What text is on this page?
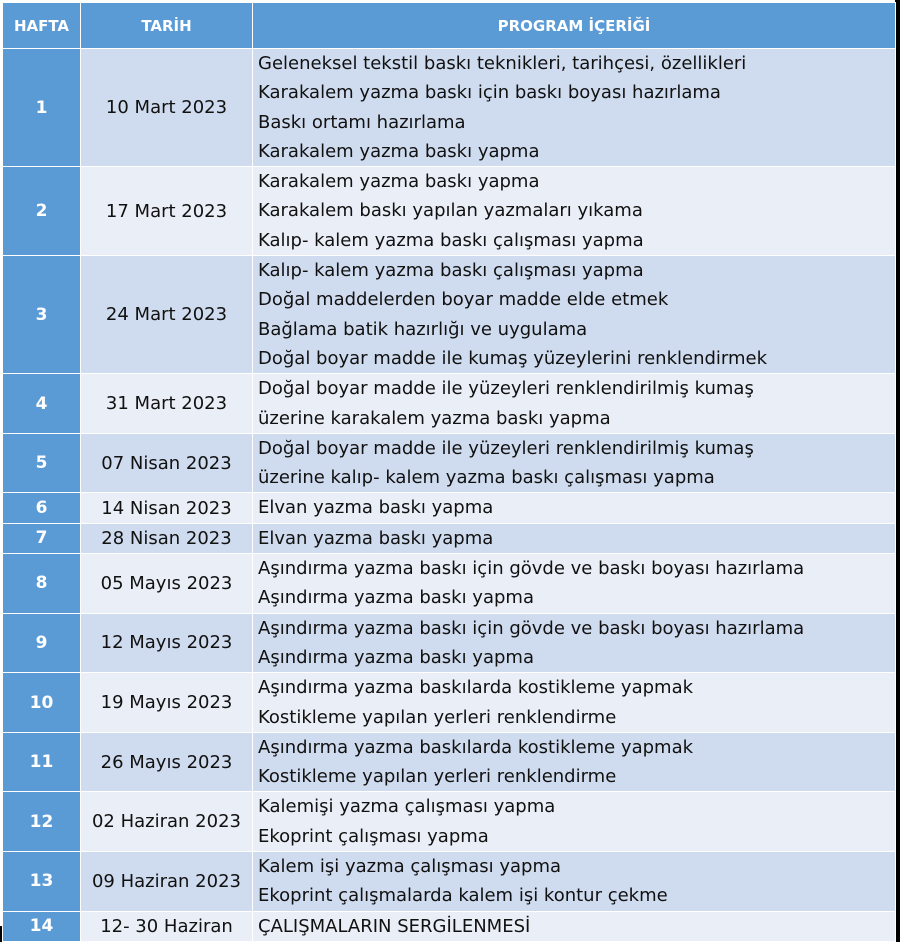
HAFTA	TARİH	PROGRAM İÇERİĞİ
1	10 Mart 2023	Geleneksel tekstil baskı teknikleri, tarihçesi, özellikleri
Karakalem yazma baskı için baskı boyası hazırlama
Baskı ortamı hazırlama
Karakalem yazma baskı yapma

2	17 Mart 2023	Karakalem yazma baskı yapma
Karakalem baskı yapılan yazmaları yıkama
Kalıp- kalem yazma baskı çalışması yapma

3	24 Mart 2023	Kalıp- kalem yazma baskı çalışması yapma
Doğal maddelerden boyar madde elde etmek
Bağlama batik hazırlığı ve uygulama
Doğal boyar madde ile kumaş yüzeylerini renklendirmek

4	31 Mart 2023	Doğal boyar madde ile yüzeyleri renklendirilmiş kumaş
üzerine karakalem yazma baskı yapma

5	07 Nisan 2023	Doğal boyar madde ile yüzeyleri renklendirilmiş kumaş
üzerine kalıp- kalem yazma baskı çalışması yapma

6	14 Nisan 2023	Elvan yazma baskı yapma

7	28 Nisan 2023	Elvan yazma baskı yapma

8	05 Mayıs 2023	Aşındırma yazma baskı için gövde ve baskı boyası hazırlama
Aşındırma yazma baskı yapma

9	12 Mayıs 2023	Aşındırma yazma baskı için gövde ve baskı boyası hazırlama
Aşındırma yazma baskı yapma

10	19 Mayıs 2023	Aşındırma yazma baskılarda kostikleme yapmak
Kostikleme yapılan yerleri renklendirme

11	26 Mayıs 2023	Aşındırma yazma baskılarda kostikleme yapmak
Kostikleme yapılan yerleri renklendirme

12	02 Haziran 2023	Kalemişi yazma çalışması yapma
Ekoprint çalışması yapma

13	09 Haziran 2023	Kalem işi yazma çalışması yapma
Ekoprint çalışmalarda kalem işi kontur çekme

14	12- 30 Haziran	ÇALIŞMALARIN SERGİLENMESİ
